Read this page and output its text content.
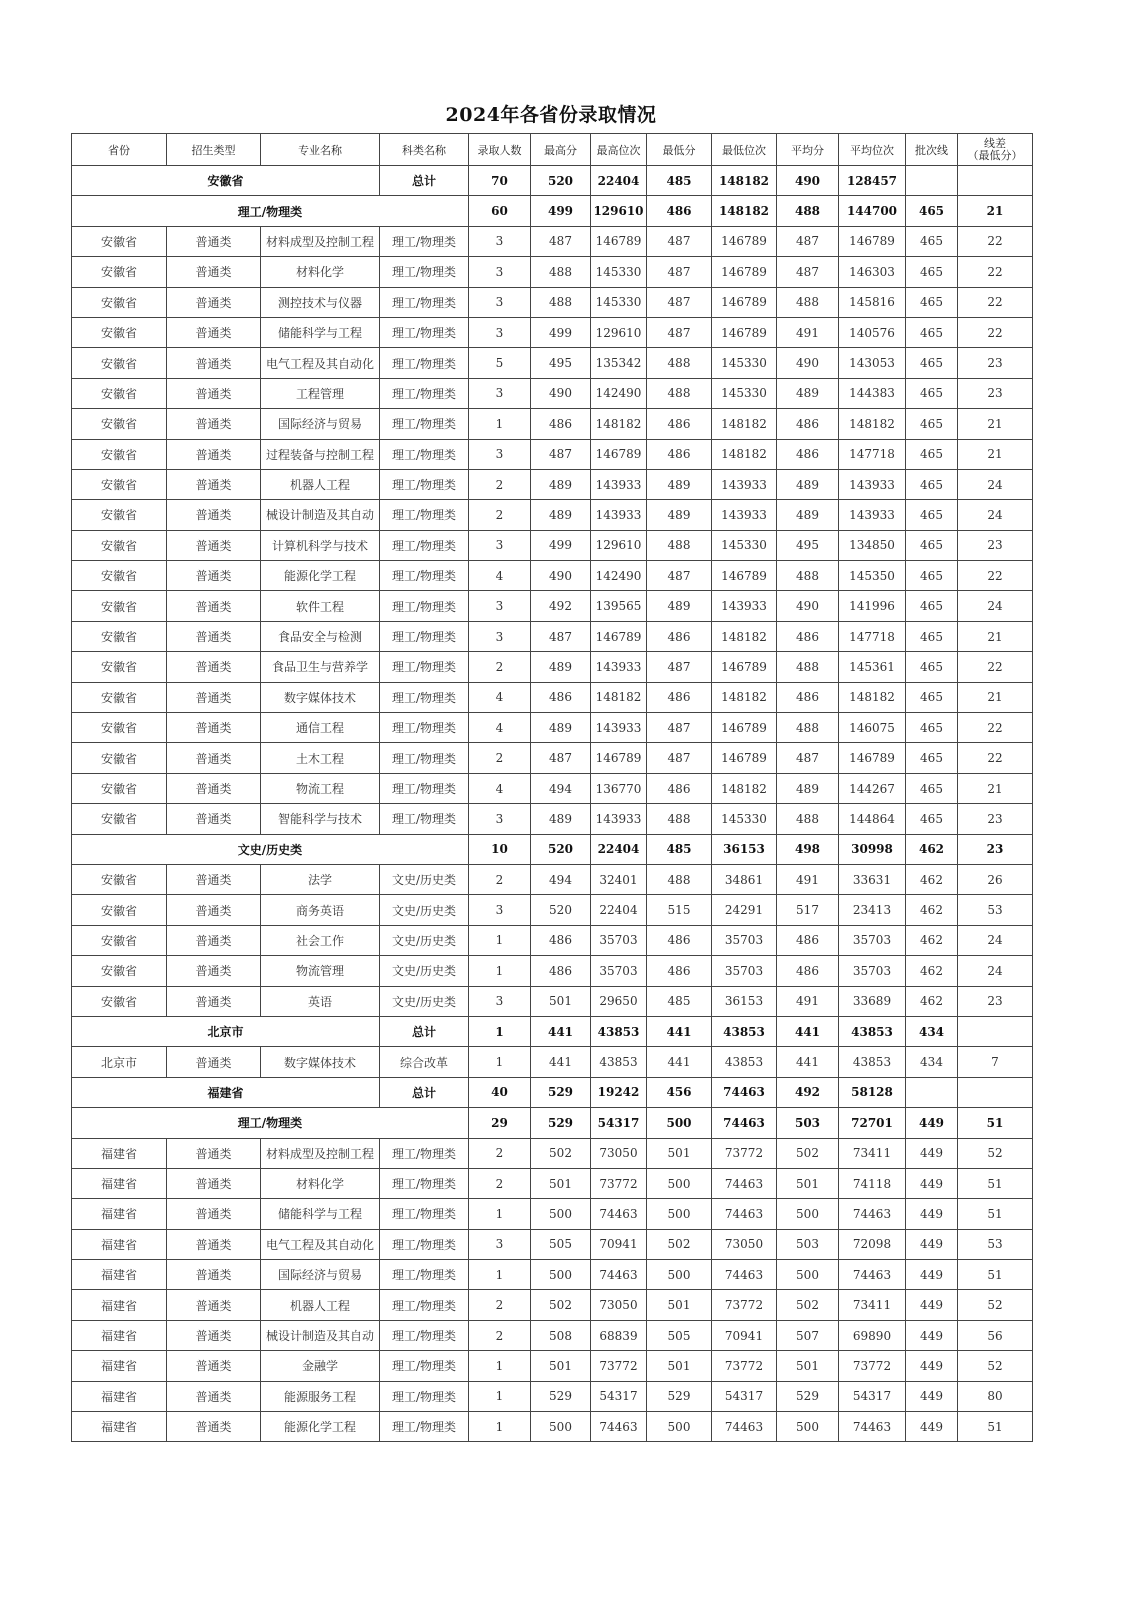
2024年各省份录取情况
省份	招生类型	专业名称	科类名称	录取人数	最高分	最高位次	最低分	最低位次	平均分	平均位次	批次线	线差
（最低分）

安徽省			总计	70	520	22404	485	148182	490	128457		
理工/物理类				60	499	129610	486	148182	488	144700	465	21
安徽省	普通类	材料成型及控制工程	理工/物理类	3	487	146789	487	146789	487	146789	465	22
安徽省	普通类	材料化学	理工/物理类	3	488	145330	487	146789	487	146303	465	22
安徽省	普通类	测控技术与仪器	理工/物理类	3	488	145330	487	146789	488	145816	465	22
安徽省	普通类	储能科学与工程	理工/物理类	3	499	129610	487	146789	491	140576	465	22
安徽省	普通类	电气工程及其自动化	理工/物理类	5	495	135342	488	145330	490	143053	465	23
安徽省	普通类	工程管理	理工/物理类	3	490	142490	488	145330	489	144383	465	23
安徽省	普通类	国际经济与贸易	理工/物理类	1	486	148182	486	148182	486	148182	465	21
安徽省	普通类	过程装备与控制工程	理工/物理类	3	487	146789	486	148182	486	147718	465	21
安徽省	普通类	机器人工程	理工/物理类	2	489	143933	489	143933	489	143933	465	24
安徽省	普通类	械设计制造及其自动	理工/物理类	2	489	143933	489	143933	489	143933	465	24
安徽省	普通类	计算机科学与技术	理工/物理类	3	499	129610	488	145330	495	134850	465	23
安徽省	普通类	能源化学工程	理工/物理类	4	490	142490	487	146789	488	145350	465	22
安徽省	普通类	软件工程	理工/物理类	3	492	139565	489	143933	490	141996	465	24
安徽省	普通类	食品安全与检测	理工/物理类	3	487	146789	486	148182	486	147718	465	21
安徽省	普通类	食品卫生与营养学	理工/物理类	2	489	143933	487	146789	488	145361	465	22
安徽省	普通类	数字媒体技术	理工/物理类	4	486	148182	486	148182	486	148182	465	21
安徽省	普通类	通信工程	理工/物理类	4	489	143933	487	146789	488	146075	465	22
安徽省	普通类	土木工程	理工/物理类	2	487	146789	487	146789	487	146789	465	22
安徽省	普通类	物流工程	理工/物理类	4	494	136770	486	148182	489	144267	465	21
安徽省	普通类	智能科学与技术	理工/物理类	3	489	143933	488	145330	488	144864	465	23
文史/历史类				10	520	22404	485	36153	498	30998	462	23
安徽省	普通类	法学	文史/历史类	2	494	32401	488	34861	491	33631	462	26
安徽省	普通类	商务英语	文史/历史类	3	520	22404	515	24291	517	23413	462	53
安徽省	普通类	社会工作	文史/历史类	1	486	35703	486	35703	486	35703	462	24
安徽省	普通类	物流管理	文史/历史类	1	486	35703	486	35703	486	35703	462	24
安徽省	普通类	英语	文史/历史类	3	501	29650	485	36153	491	33689	462	23
北京市			总计	1	441	43853	441	43853	441	43853	434	
北京市	普通类	数字媒体技术	综合改革	1	441	43853	441	43853	441	43853	434	7
福建省			总计	40	529	19242	456	74463	492	58128		
理工/物理类				29	529	54317	500	74463	503	72701	449	51
福建省	普通类	材料成型及控制工程	理工/物理类	2	502	73050	501	73772	502	73411	449	52
福建省	普通类	材料化学	理工/物理类	2	501	73772	500	74463	501	74118	449	51
福建省	普通类	储能科学与工程	理工/物理类	1	500	74463	500	74463	500	74463	449	51
福建省	普通类	电气工程及其自动化	理工/物理类	3	505	70941	502	73050	503	72098	449	53
福建省	普通类	国际经济与贸易	理工/物理类	1	500	74463	500	74463	500	74463	449	51
福建省	普通类	机器人工程	理工/物理类	2	502	73050	501	73772	502	73411	449	52
福建省	普通类	械设计制造及其自动	理工/物理类	2	508	68839	505	70941	507	69890	449	56
福建省	普通类	金融学	理工/物理类	1	501	73772	501	73772	501	73772	449	52
福建省	普通类	能源服务工程	理工/物理类	1	529	54317	529	54317	529	54317	449	80
福建省	普通类	能源化学工程	理工/物理类	1	500	74463	500	74463	500	74463	449	51
